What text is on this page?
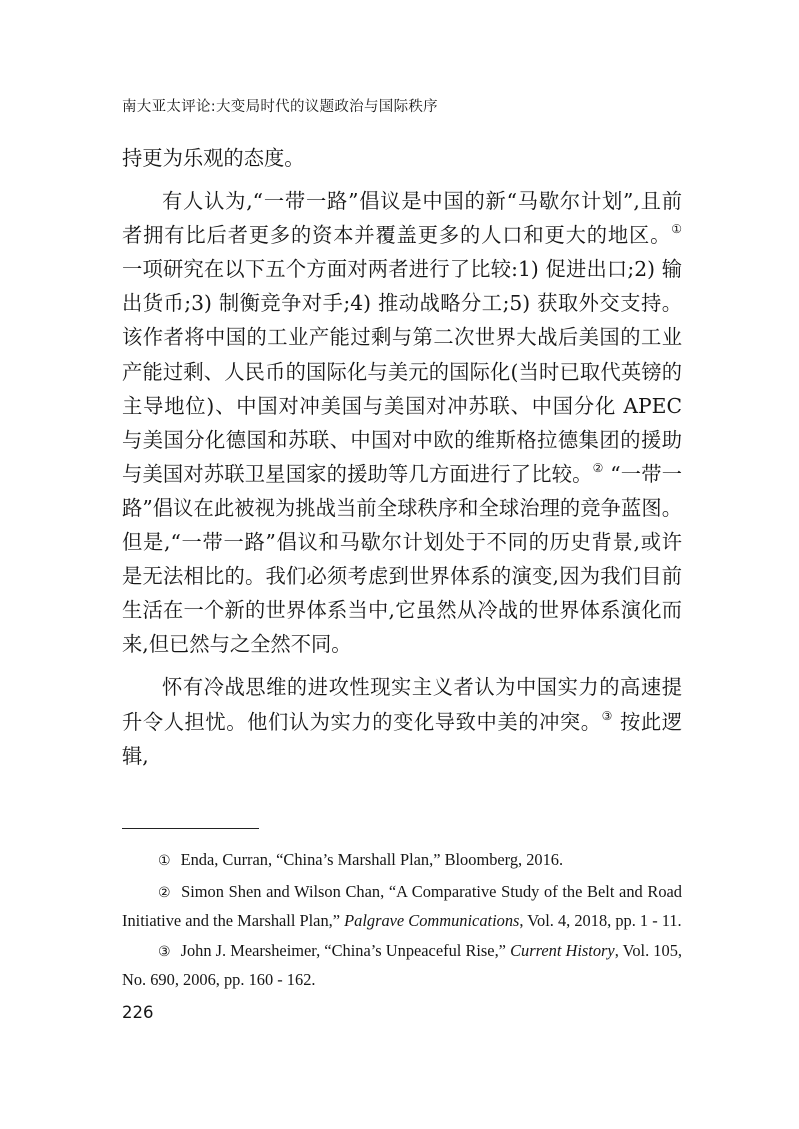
南大亚太评论:大变局时代的议题政治与国际秩序

持更为乐观的态度。

有人认为,“一带一路”倡议是中国的新“马歇尔计划”,且前者拥有比后者更多的资本并覆盖更多的人口和更大的地区。① 一项研究在以下五个方面对两者进行了比较:1) 促进出口;2) 输出货币;3) 制衡竞争对手;4) 推动战略分工;5) 获取外交支持。该作者将中国的工业产能过剩与第二次世界大战后美国的工业产能过剩、人民币的国际化与美元的国际化(当时已取代英镑的主导地位)、中国对冲美国与美国对冲苏联、中国分化 APEC 与美国分化德国和苏联、中国对中欧的维斯格拉德集团的援助与美国对苏联卫星国家的援助等几方面进行了比较。② “一带一路”倡议在此被视为挑战当前全球秩序和全球治理的竞争蓝图。但是,“一带一路”倡议和马歇尔计划处于不同的历史背景,或许是无法相比的。我们必须考虑到世界体系的演变,因为我们目前生活在一个新的世界体系当中,它虽然从冷战的世界体系演化而来,但已然与之全然不同。

怀有冷战思维的进攻性现实主义者认为中国实力的高速提升令人担忧。他们认为实力的变化导致中美的冲突。③ 按此逻辑,

① Enda, Curran, “China’s Marshall Plan,” Bloomberg, 2016.

② Simon Shen and Wilson Chan, “A Comparative Study of the Belt and Road Initiative and the Marshall Plan,” Palgrave Communications, Vol. 4, 2018, pp. 1 - 11.

③ John J. Mearsheimer, “China’s Unpeaceful Rise,” Current History, Vol. 105, No. 690, 2006, pp. 160 - 162.

226
